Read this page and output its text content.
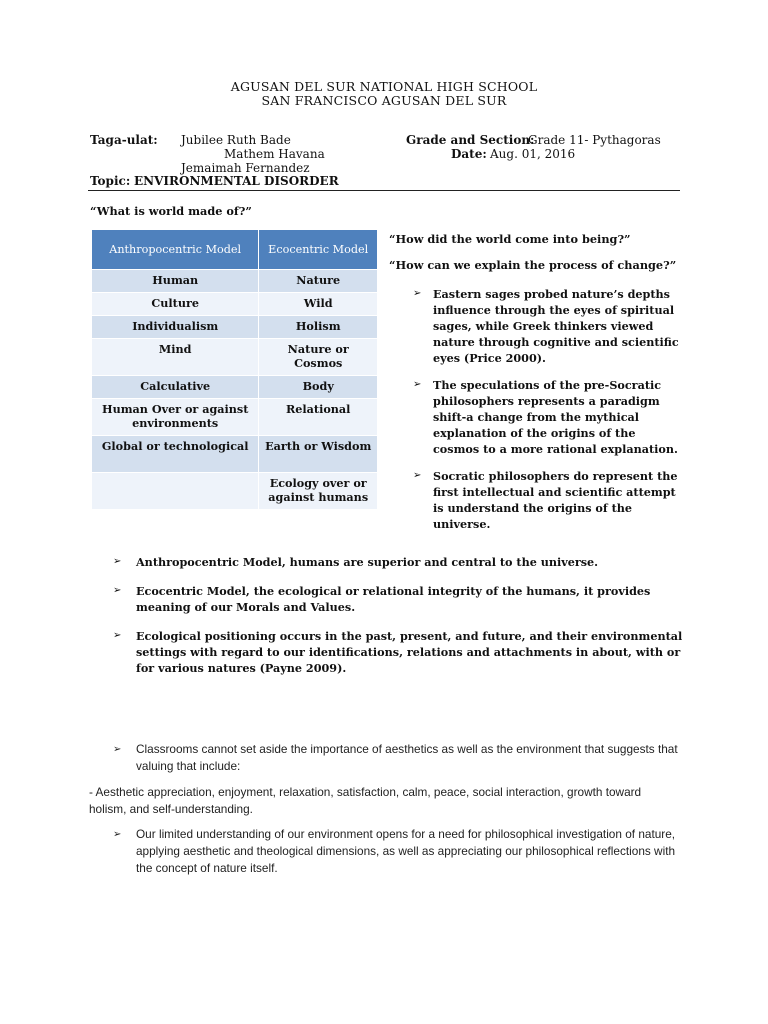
AGUSAN DEL SUR NATIONAL HIGH SCHOOL
SAN FRANCISCO AGUSAN DEL SUR
Taga-ulat: Jubilee Ruth Bade
Mathem Havana
Jemaimah Fernandez
Grade and Section:
Grade 11- Pythagoras
Date: Aug. 01, 2016
Topic: ENVIRONMENTAL DISORDER
“What is world made of?”
Anthropocentric Model	Ecocentric Model
Human	Nature
Culture	Wild
Individualism	Holism
Mind	Nature or Cosmos
Calculative	Body
Human Over or against environments	Relational
Global or technological	Earth or Wisdom
	Ecology over or against humans
“How did the world come into being?”
“How can we explain the process of change?”
➢ Eastern sages probed nature’s depths influence through the eyes of spiritual sages, while Greek thinkers viewed nature through cognitive and scientific eyes (Price 2000).
➢ The speculations of the pre-Socratic philosophers represents a paradigm shift-a change from the mythical explanation of the origins of the cosmos to a more rational explanation.
➢ Socratic philosophers do represent the first intellectual and scientific attempt is understand the origins of the universe.
➢ Anthropocentric Model, humans are superior and central to the universe.
➢ Ecocentric Model, the ecological or relational integrity of the humans, it provides meaning of our Morals and Values.
➢ Ecological positioning occurs in the past, present, and future, and their environmental settings with regard to our identifications, relations and attachments in about, with or for various natures (Payne 2009).
➢ Classrooms cannot set aside the importance of aesthetics as well as the environment that suggests that valuing that include:
- Aesthetic appreciation, enjoyment, relaxation, satisfaction, calm, peace, social interaction, growth toward holism, and self-understanding.
➢ Our limited understanding of our environment opens for a need for philosophical investigation of nature, applying aesthetic and theological dimensions, as well as appreciating our philosophical reflections with the concept of nature itself.
